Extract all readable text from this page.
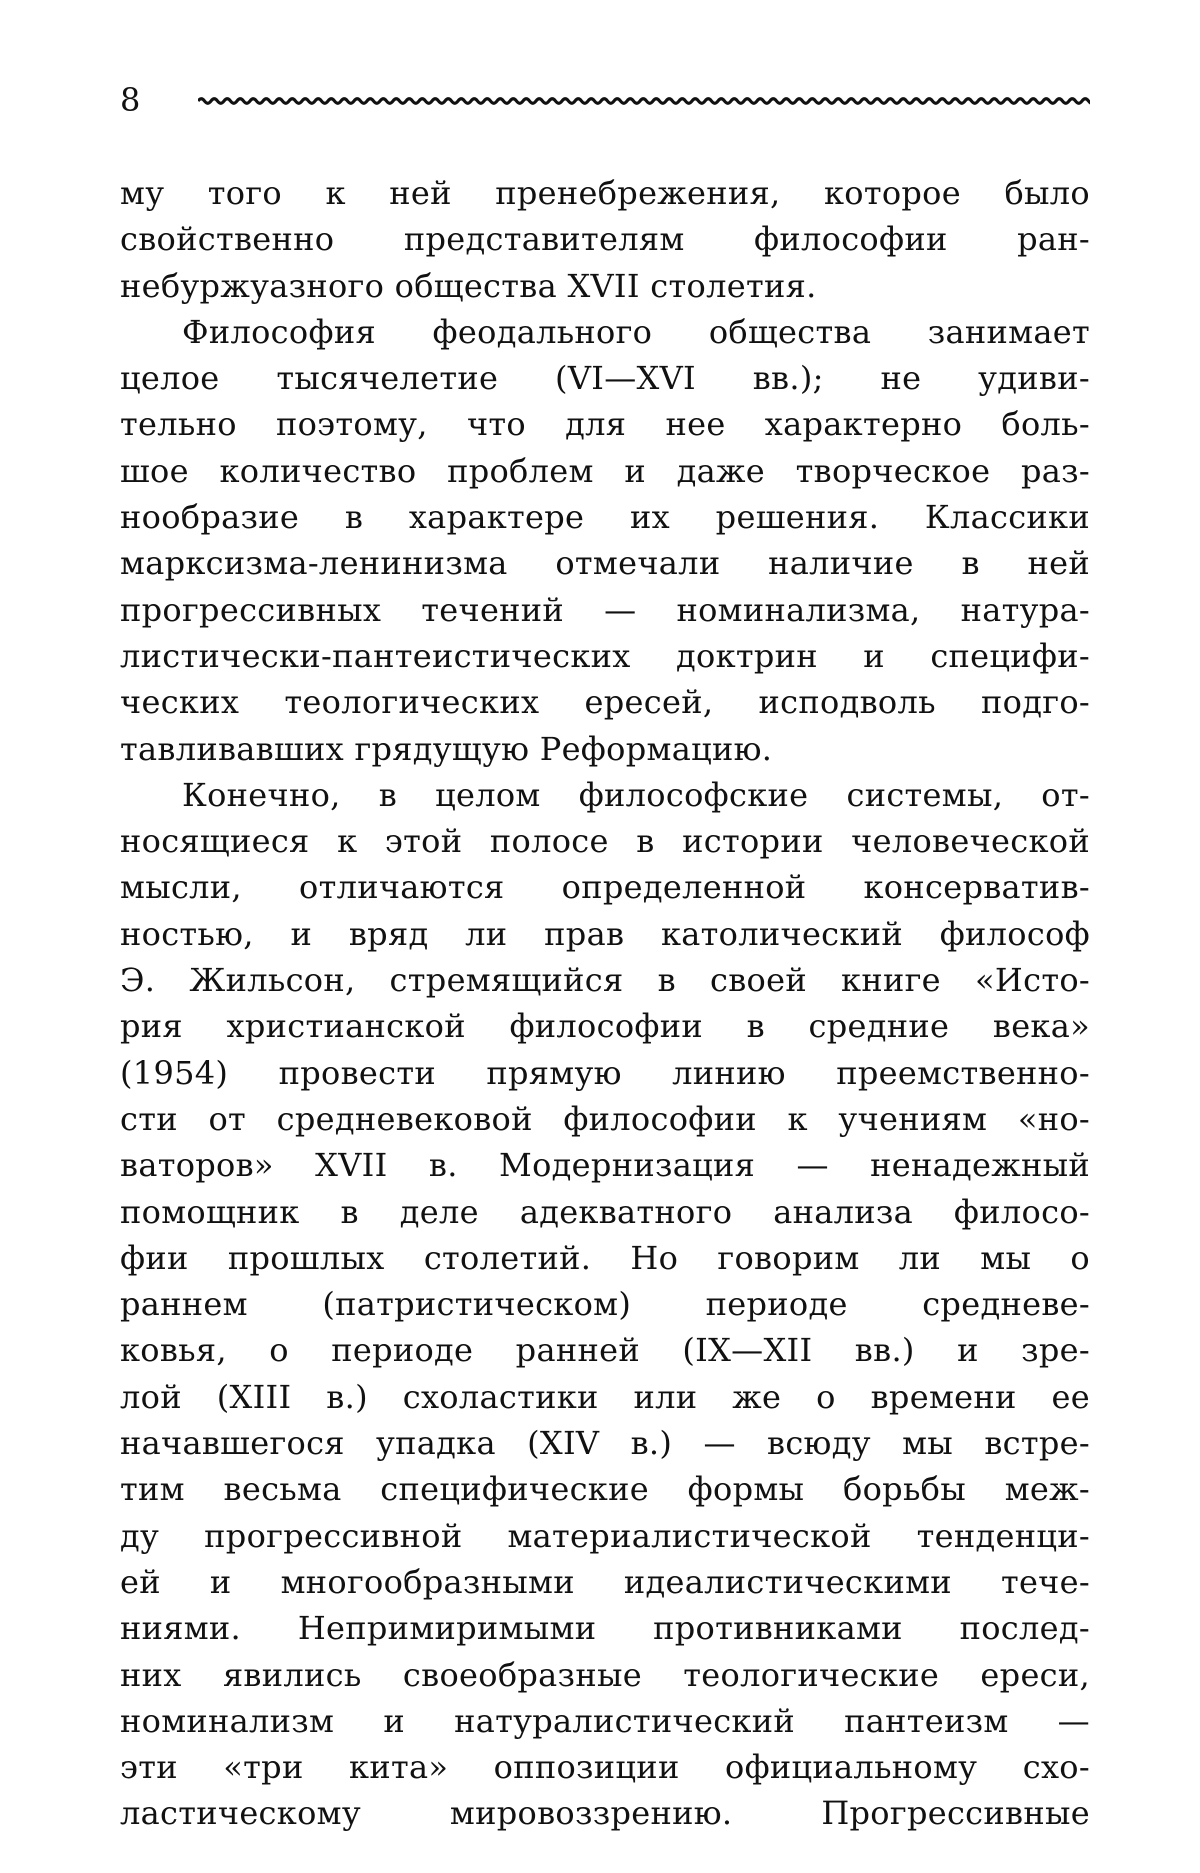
8
му того к ней пренебрежения, которое было
свойственно представителям философии ран-
небуржуазного общества XVII столетия.
Философия феодального общества занимает
целое тысячелетие (VI—XVI вв.); не удиви-
тельно поэтому, что для нее характерно боль-
шое количество проблем и даже творческое раз-
нообразие в характере их решения. Классики
марксизма-ленинизма отмечали наличие в ней
прогрессивных течений — номинализма, натура-
листически-пантеистических доктрин и специфи-
ческих теологических ересей, исподволь подго-
тавливавших грядущую Реформацию.
Конечно, в целом философские системы, от-
носящиеся к этой полосе в истории человеческой
мысли, отличаются определенной консерватив-
ностью, и вряд ли прав католический философ
Э. Жильсон, стремящийся в своей книге «Исто-
рия христианской философии в средние века»
(1954) провести прямую линию преемственно-
сти от средневековой философии к учениям «но-
ваторов» XVII в. Модернизация — ненадежный
помощник в деле адекватного анализа филосо-
фии прошлых столетий. Но говорим ли мы о
раннем (патристическом) периоде средневе-
ковья, о периоде ранней (IX—XII вв.) и зре-
лой (XIII в.) схоластики или же о времени ее
начавшегося упадка (XIV в.) — всюду мы встре-
тим весьма специфические формы борьбы меж-
ду прогрессивной материалистической тенденци-
ей и многообразными идеалистическими тече-
ниями. Непримиримыми противниками послед-
них явились своеобразные теологические ереси,
номинализм и натуралистический пантеизм —
эти «три кита» оппозиции официальному схо-
ластическому мировоззрению. Прогрессивные
